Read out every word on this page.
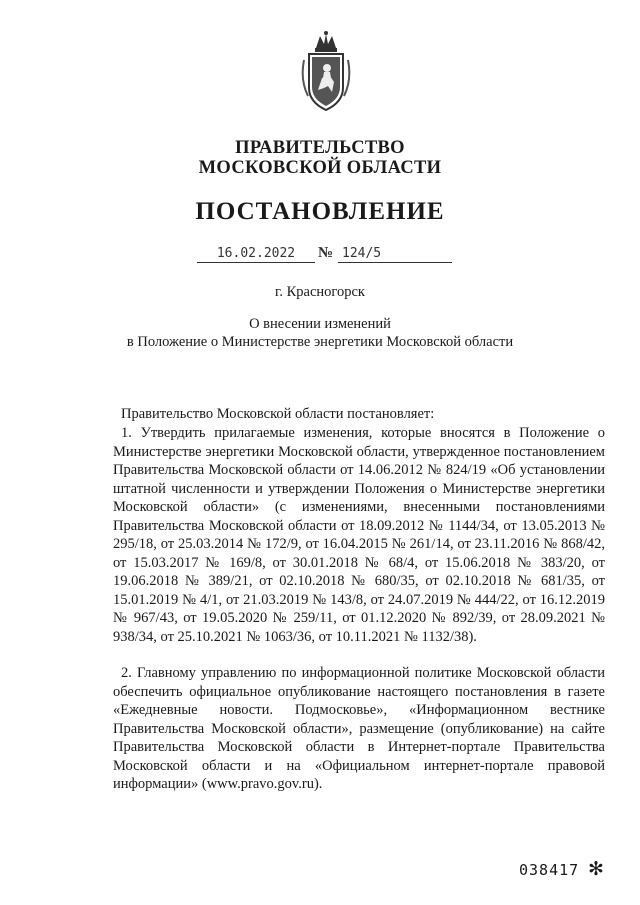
ПРАВИТЕЛЬСТВО
МОСКОВСКОЙ ОБЛАСТИ
ПОСТАНОВЛЕНИЕ
16.02.2022	№ 124/5
г. Красногорск
О внесении изменений
в Положение о Министерстве энергетики Московской области
Правительство Московской области постановляет:
1. Утвердить прилагаемые изменения, которые вносятся в Положение о Министерстве энергетики Московской области, утвержденное постановлением Правительства Московской области от 14.06.2012 № 824/19 «Об установлении штатной численности и утверждении Положения о Министерстве энергетики Московской области» (с изменениями, внесенными постановлениями Правительства Московской области от 18.09.2012 № 1144/34, от 13.05.2013 № 295/18, от 25.03.2014 № 172/9, от 16.04.2015 № 261/14, от 23.11.2016 № 868/42, от 15.03.2017 № 169/8, от 30.01.2018 № 68/4, от 15.06.2018 № 383/20, от 19.06.2018 № 389/21, от 02.10.2018 № 680/35, от 02.10.2018 № 681/35, от 15.01.2019 № 4/1, от 21.03.2019 № 143/8, от 24.07.2019 № 444/22, от 16.12.2019 № 967/43, от 19.05.2020 № 259/11, от 01.12.2020 № 892/39, от 28.09.2021 № 938/34, от 25.10.2021 № 1063/36, от 10.11.2021 № 1132/38).
2. Главному управлению по информационной политике Московской области обеспечить официальное опубликование настоящего постановления в газете «Ежедневные новости. Подмосковье», «Информационном вестнике Правительства Московской области», размещение (опубликование) на сайте Правительства Московской области в Интернет-портале Правительства Московской области и на «Официальном интернет-портале правовой информации» (www.pravo.gov.ru).
038417 ✻
